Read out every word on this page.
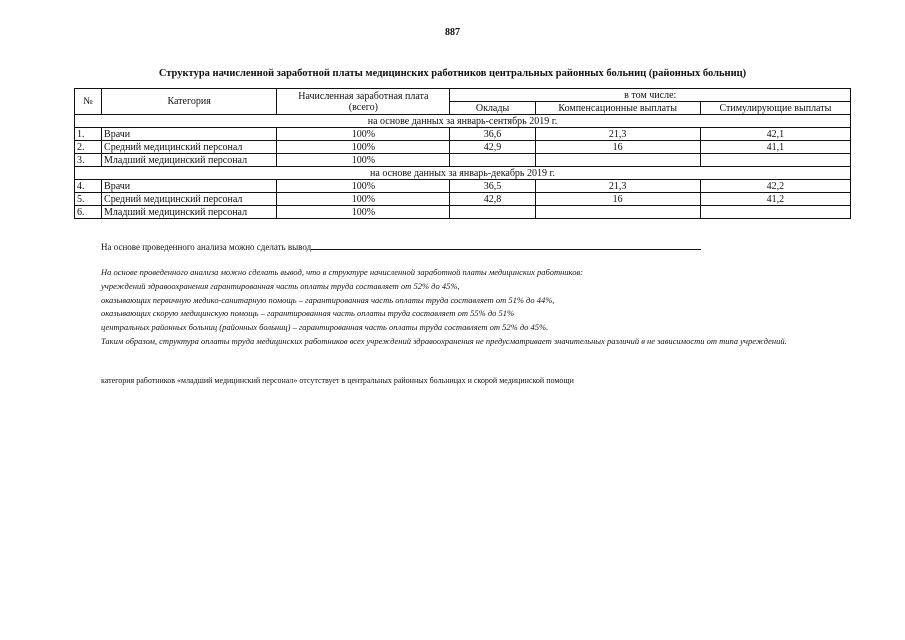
887
Структура начисленной заработной платы медицинских работников центральных районных больниц (районных больниц)
№	Категория	Начисленная заработная плата
(всего)	в том числе:		
			Оклады	Компенсационные выплаты	Стимулирующие выплаты
на основе данных за январь-сентябрь 2019 г.					
1.	Врачи	100%	36,6	21,3	42,1
2.	Средний медицинский персонал	100%	42,9	16	41,1
3.	Младший медицинский персонал	100%			
на основе данных за январь-декабрь 2019 г.					
4.	Врачи	100%	36,5	21,3	42,2
5.	Средний медицинский персонал	100%	42,8	16	41,2
6.	Младший медицинский персонал	100%			
На основе проведенного анализа можно сделать вывод

На основе проведенного анализа можно сделать вывод, что в структуре начисленной заработной платы медицинских работников:

учреждений здравоохранения гарантированная часть оплаты труда составляет от 52% до 45%,

оказывающих первичную медико-санитарную помощь – гарантированная часть оплаты труда составляет от 51% до 44%,

оказывающих скорую медицинскую помощь – гарантированная часть оплаты труда составляет от 55% до 51%

центральных районных больниц (районных больниц) – гарантированная часть оплаты труда составляет от 52% до 45%.

Таким образом, структура оплаты труда медицинских работников всех учреждений здравоохранения не предусматривает значительных различий в не зависимости от типа учреждений.

категория работников «младший медицинский персонал» отсутствует в центральных районных больницах и скорой медицинской помощи
